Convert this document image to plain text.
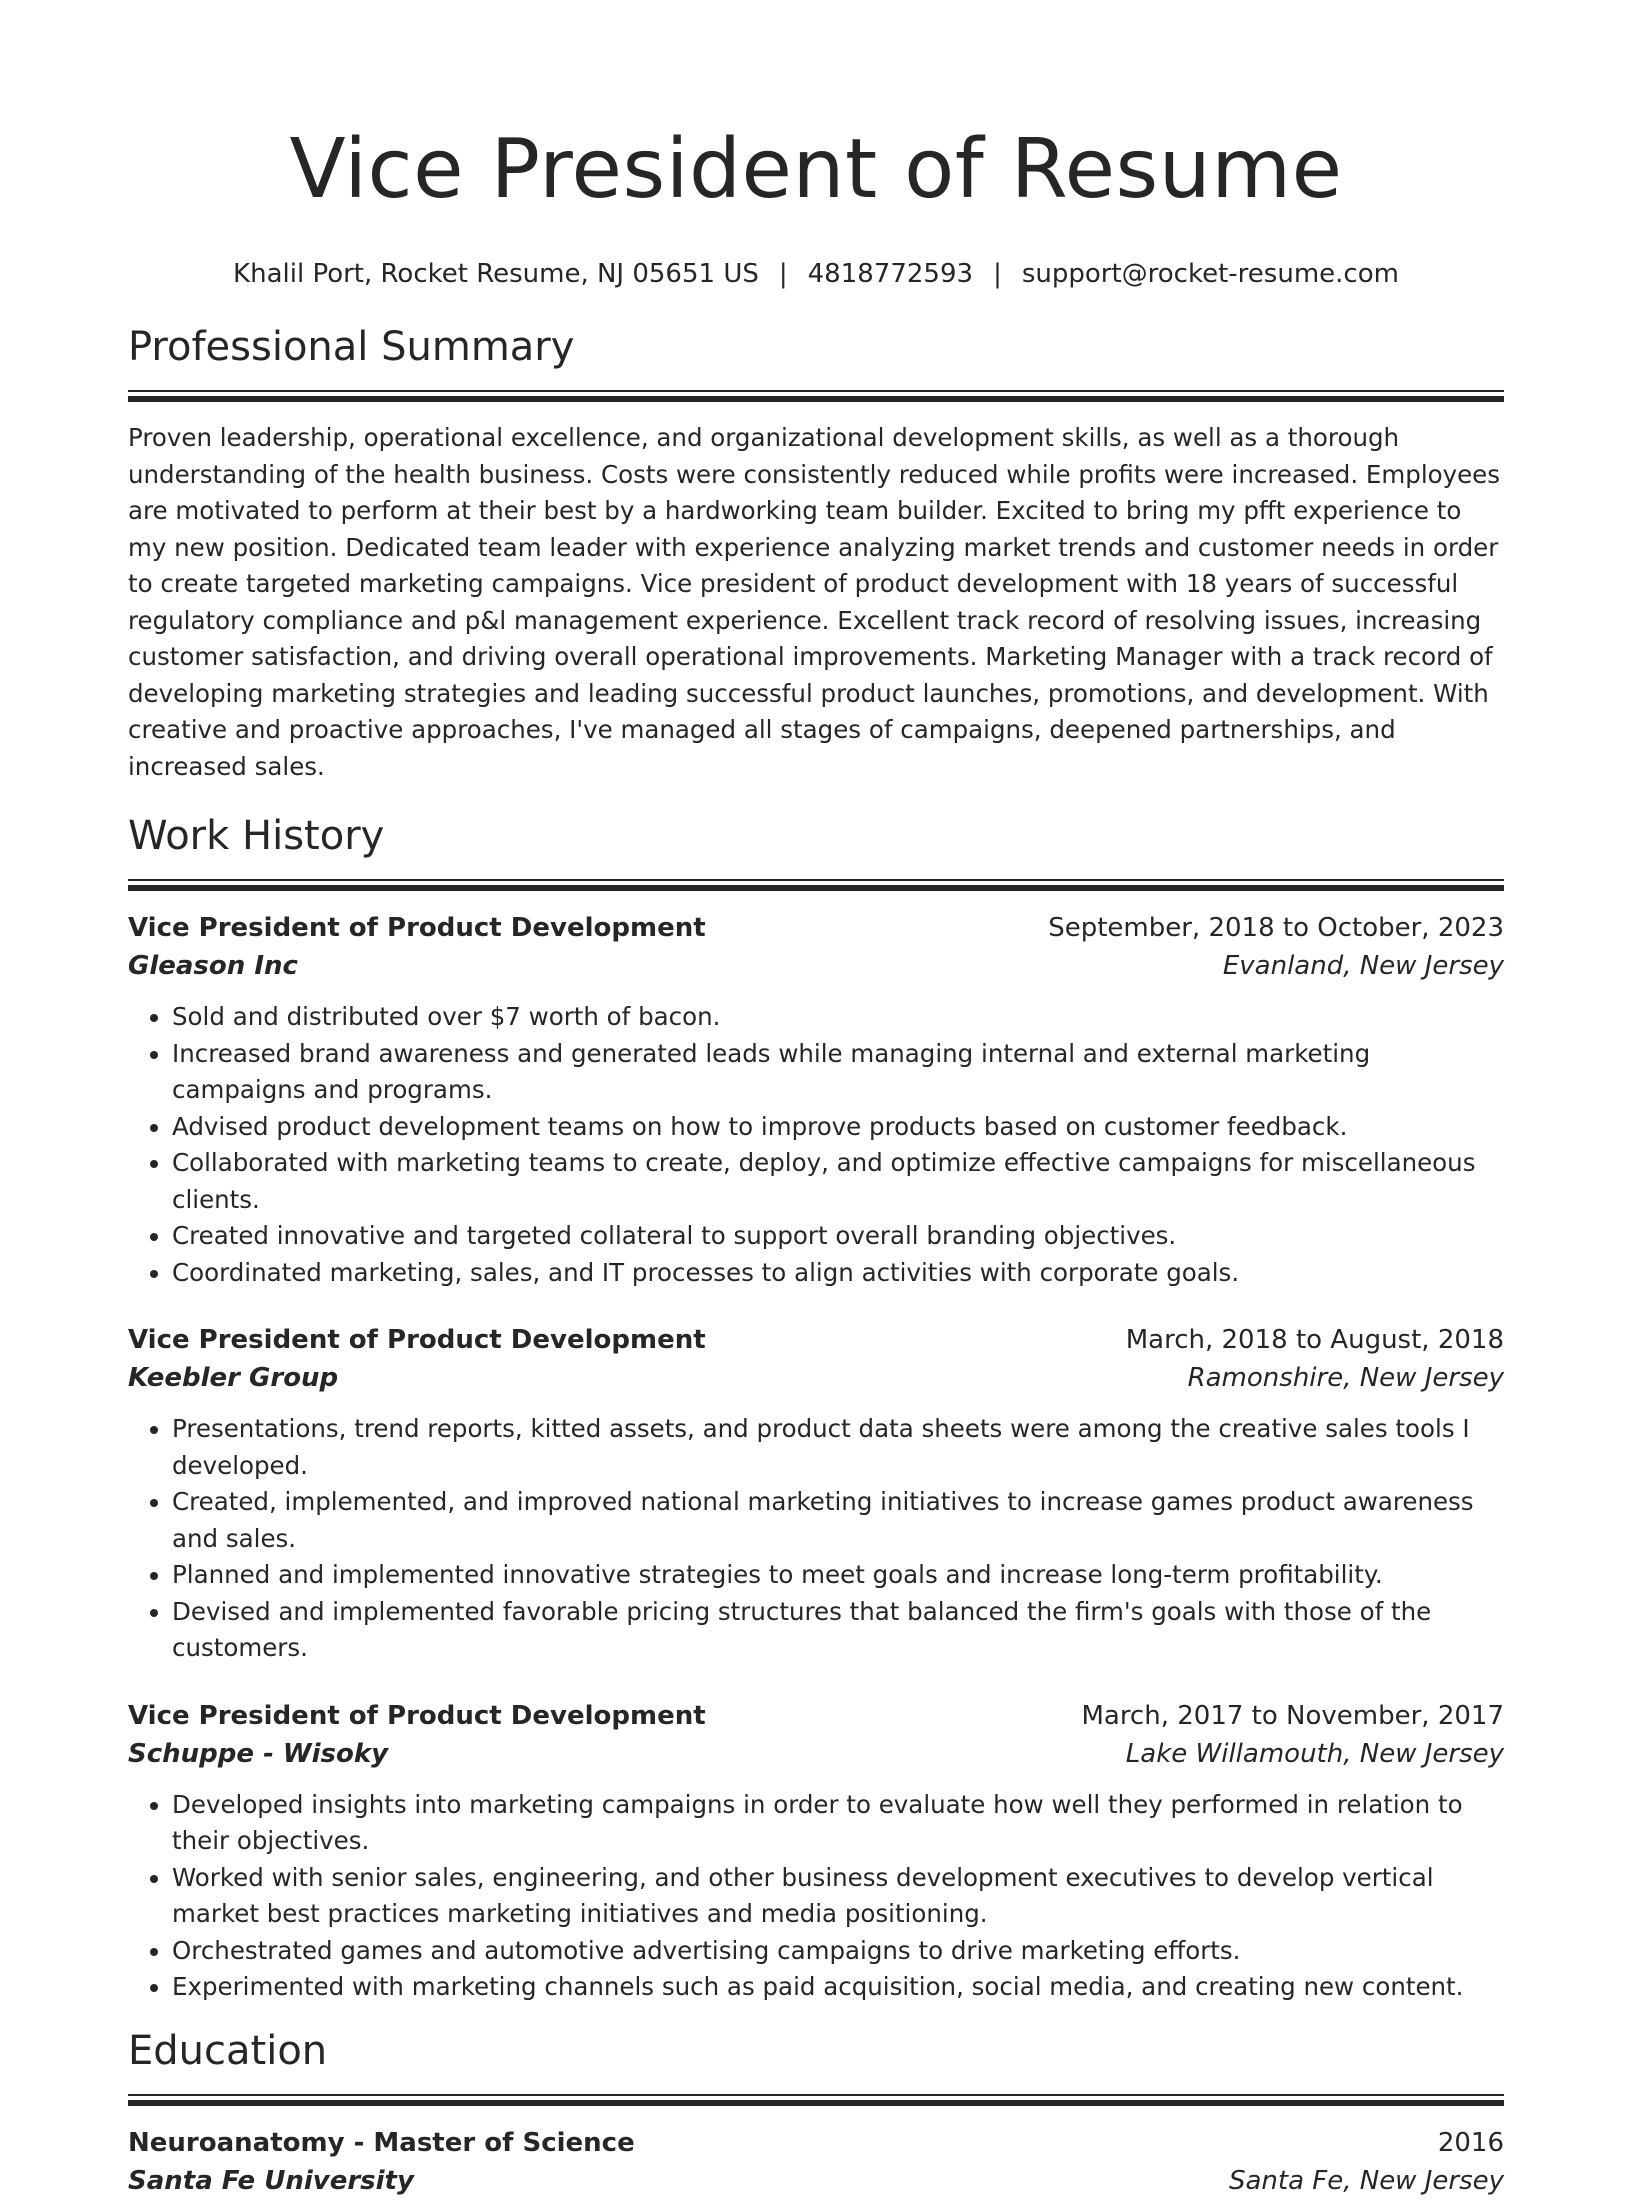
Vice President of Resume
Khalil Port, Rocket Resume, NJ 05651 US | 4818772593 | support@rocket-resume.com
Professional Summary

Proven leadership, operational excellence, and organizational development skills, as well as a thorough understanding of the health business. Costs were consistently reduced while profits were increased. Employees are motivated to perform at their best by a hardworking team builder. Excited to bring my pfft experience to my new position. Dedicated team leader with experience analyzing market trends and customer needs in order to create targeted marketing campaigns. Vice president of product development with 18 years of successful regulatory compliance and p&l management experience. Excellent track record of resolving issues, increasing customer satisfaction, and driving overall operational improvements. Marketing Manager with a track record of developing marketing strategies and leading successful product launches, promotions, and development. With creative and proactive approaches, I've managed all stages of campaigns, deepened partnerships, and increased sales.

Work History
Vice President of Product Development	September, 2018 to October, 2023
Gleason Inc	Evanland, New Jersey
• Sold and distributed over $7 worth of bacon.
• Increased brand awareness and generated leads while managing internal and external marketing campaigns and programs.
• Advised product development teams on how to improve products based on customer feedback.
• Collaborated with marketing teams to create, deploy, and optimize effective campaigns for miscellaneous clients.
• Created innovative and targeted collateral to support overall branding objectives.
• Coordinated marketing, sales, and IT processes to align activities with corporate goals.
Vice President of Product Development	March, 2018 to August, 2018
Keebler Group	Ramonshire, New Jersey
• Presentations, trend reports, kitted assets, and product data sheets were among the creative sales tools I developed.
• Created, implemented, and improved national marketing initiatives to increase games product awareness and sales.
• Planned and implemented innovative strategies to meet goals and increase long-term profitability.
• Devised and implemented favorable pricing structures that balanced the firm's goals with those of the customers.
Vice President of Product Development	March, 2017 to November, 2017
Schuppe - Wisoky	Lake Willamouth, New Jersey
• Developed insights into marketing campaigns in order to evaluate how well they performed in relation to their objectives.
• Worked with senior sales, engineering, and other business development executives to develop vertical market best practices marketing initiatives and media positioning.
• Orchestrated games and automotive advertising campaigns to drive marketing efforts.
• Experimented with marketing channels such as paid acquisition, social media, and creating new content.
Education
Neuroanatomy - Master of Science	2016
Santa Fe University	Santa Fe, New Jersey
